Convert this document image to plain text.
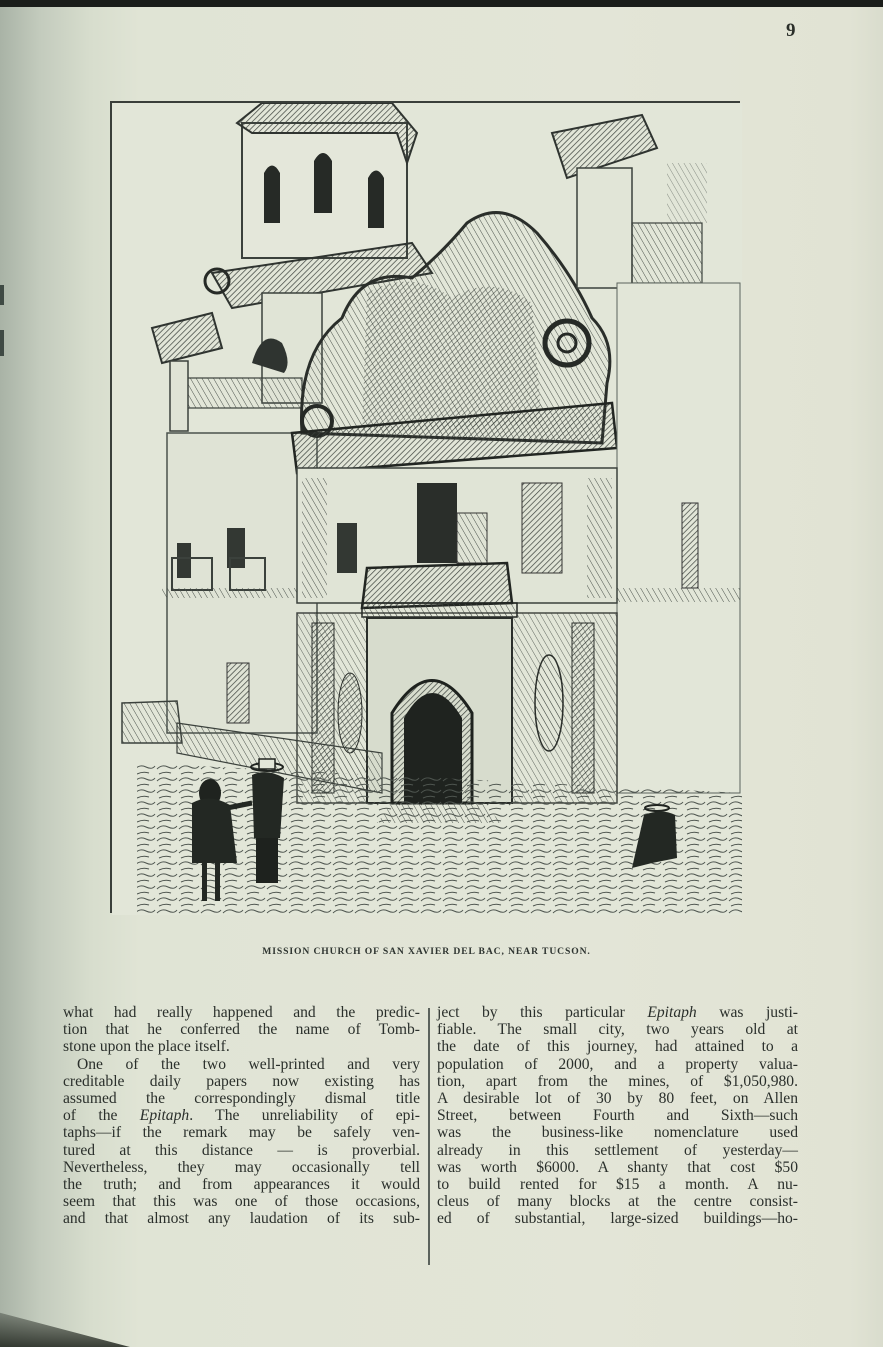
9
MISSION CHURCH OF SAN XAVIER DEL BAC, NEAR TUCSON.
what had really happened and the predic-
tion that he conferred the name of Tomb-
stone upon the place itself.
One of the two well-printed and very
creditable daily papers now existing has
assumed the correspondingly dismal title
of the Epitaph. The unreliability of epi-
taphs—if the remark may be safely ven-
tured at this distance — is proverbial.
Nevertheless, they may occasionally tell
the truth; and from appearances it would
seem that this was one of those occasions,
and that almost any laudation of its sub-
ject by this particular Epitaph was justi-
fiable. The small city, two years old at
the date of this journey, had attained to a
population of 2000, and a property valua-
tion, apart from the mines, of $1,050,980.
A desirable lot of 30 by 80 feet, on Allen
Street, between Fourth and Sixth—such
was the business-like nomenclature used
already in this settlement of yesterday—
was worth $6000. A shanty that cost $50
to build rented for $15 a month. A nu-
cleus of many blocks at the centre consist-
ed of substantial, large-sized buildings—ho-
